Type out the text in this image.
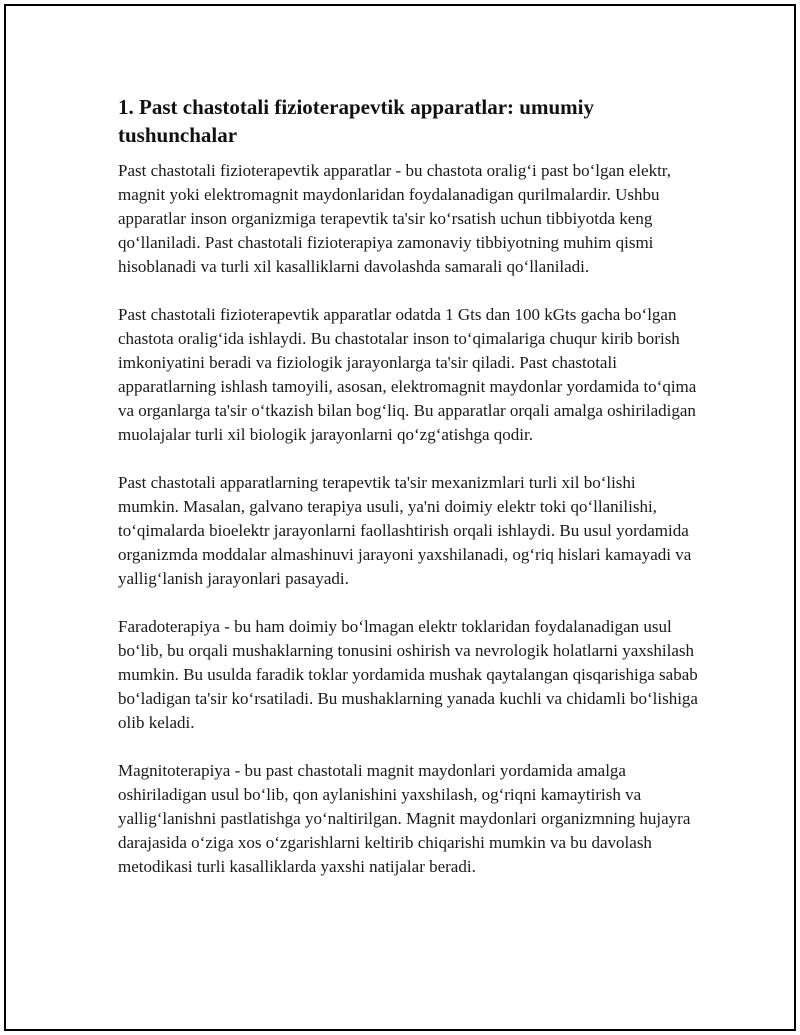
1. Past chastotali fizioterapevtik apparatlar: umumiy tushunchalar

Past chastotali fizioterapevtik apparatlar - bu chastota oralig‘i past bo‘lgan elektr, magnit yoki elektromagnit maydonlaridan foydalanadigan qurilmalardir. Ushbu apparatlar inson organizmiga terapevtik ta'sir ko‘rsatish uchun tibbiyotda keng qo‘llaniladi. Past chastotali fizioterapiya zamonaviy tibbiyotning muhim qismi hisoblanadi va turli xil kasalliklarni davolashda samarali qo‘llaniladi.

Past chastotali fizioterapevtik apparatlar odatda 1 Gts dan 100 kGts gacha bo‘lgan chastota oralig‘ida ishlaydi. Bu chastotalar inson to‘qimalariga chuqur kirib borish imkoniyatini beradi va fiziologik jarayonlarga ta'sir qiladi. Past chastotali apparatlarning ishlash tamoyili, asosan, elektromagnit maydonlar yordamida to‘qima va organlarga ta'sir o‘tkazish bilan bog‘liq. Bu apparatlar orqali amalga oshiriladigan muolajalar turli xil biologik jarayonlarni qo‘zg‘atishga qodir.

Past chastotali apparatlarning terapevtik ta'sir mexanizmlari turli xil bo‘lishi mumkin. Masalan, galvano terapiya usuli, ya'ni doimiy elektr toki qo‘llanilishi, to‘qimalarda bioelektr jarayonlarni faollashtirish orqali ishlaydi. Bu usul yordamida organizmda moddalar almashinuvi jarayoni yaxshilanadi, og‘riq hislari kamayadi va yallig‘lanish jarayonlari pasayadi.

Faradoterapiya - bu ham doimiy bo‘lmagan elektr toklaridan foydalanadigan usul bo‘lib, bu orqali mushaklarning tonusini oshirish va nevrologik holatlarni yaxshilash mumkin. Bu usulda faradik toklar yordamida mushak qaytalangan qisqarishiga sabab bo‘ladigan ta'sir ko‘rsatiladi. Bu mushaklarning yanada kuchli va chidamli bo‘lishiga olib keladi.

Magnitoterapiya - bu past chastotali magnit maydonlari yordamida amalga oshiriladigan usul bo‘lib, qon aylanishini yaxshilash, og‘riqni kamaytirish va yallig‘lanishni pastlatishga yo‘naltirilgan. Magnit maydonlari organizmning hujayra darajasida o‘ziga xos o‘zgarishlarni keltirib chiqarishi mumkin va bu davolash metodikasi turli kasalliklarda yaxshi natijalar beradi.
